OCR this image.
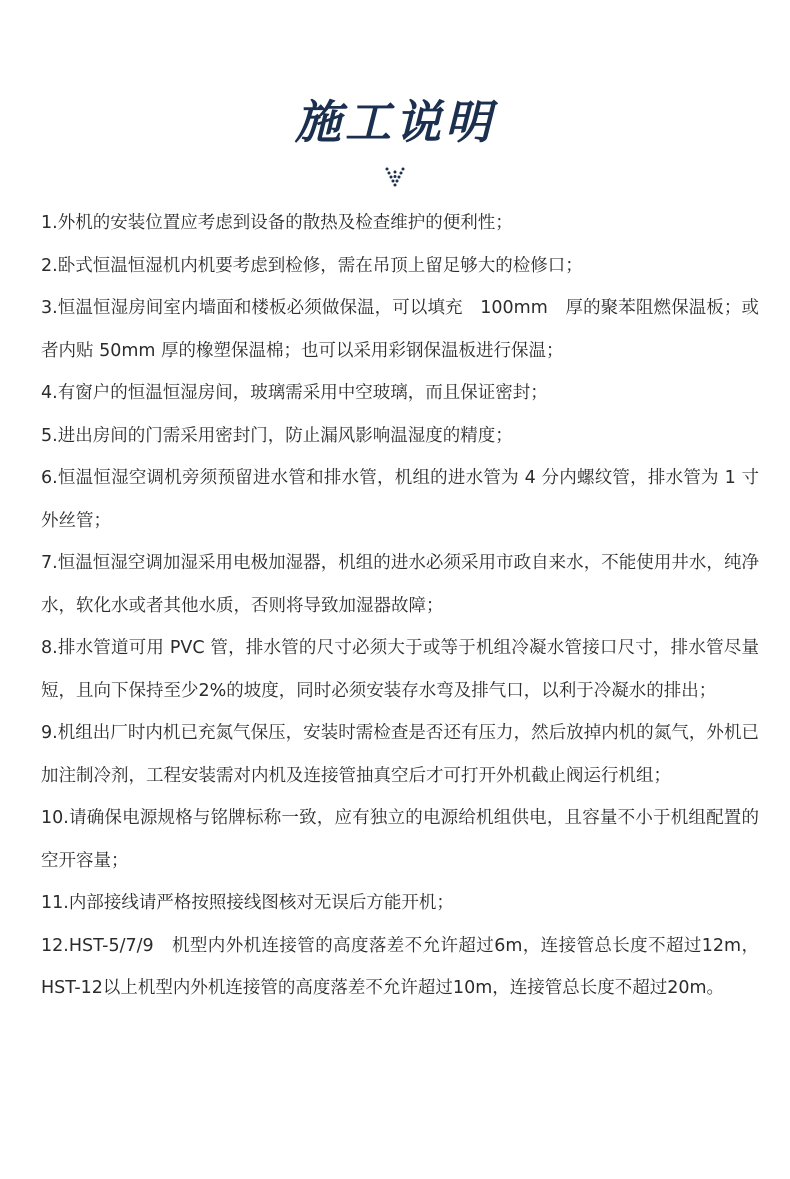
施工说明
1.外机的安装位置应考虑到设备的散热及检查维护的便利性；
2.卧式恒温恒湿机内机要考虑到检修，需在吊顶上留足够大的检修口；
3.恒温恒湿房间室内墙面和楼板必须做保温，可以填充　100mm　厚的聚苯阻燃保温板；或者内贴 50mm 厚的橡塑保温棉；也可以采用彩钢保温板进行保温；
4.有窗户的恒温恒湿房间，玻璃需采用中空玻璃，而且保证密封；
5.进出房间的门需采用密封门，防止漏风影响温湿度的精度；
6.恒温恒湿空调机旁须预留进水管和排水管，机组的进水管为 4 分内螺纹管，排水管为 1 寸外丝管；
7.恒温恒湿空调加湿采用电极加湿器，机组的进水必须采用市政自来水，不能使用井水，纯净水，软化水或者其他水质，否则将导致加湿器故障；
8.排水管道可用 PVC 管，排水管的尺寸必须大于或等于机组冷凝水管接口尺寸，排水管尽量短，且向下保持至少2%的坡度，同时必须安装存水弯及排气口，以利于冷凝水的排出；
9.机组出厂时内机已充氮气保压，安装时需检查是否还有压力，然后放掉内机的氮气，外机已加注制冷剂，工程安装需对内机及连接管抽真空后才可打开外机截止阀运行机组；
10.请确保电源规格与铭牌标称一致，应有独立的电源给机组供电，且容量不小于机组配置的空开容量；
11.内部接线请严格按照接线图核对无误后方能开机；
12.HST-5/7/9　机型内外机连接管的高度落差不允许超过6m，连接管总长度不超过12m，HST-12以上机型内外机连接管的高度落差不允许超过10m，连接管总长度不超过20m。
